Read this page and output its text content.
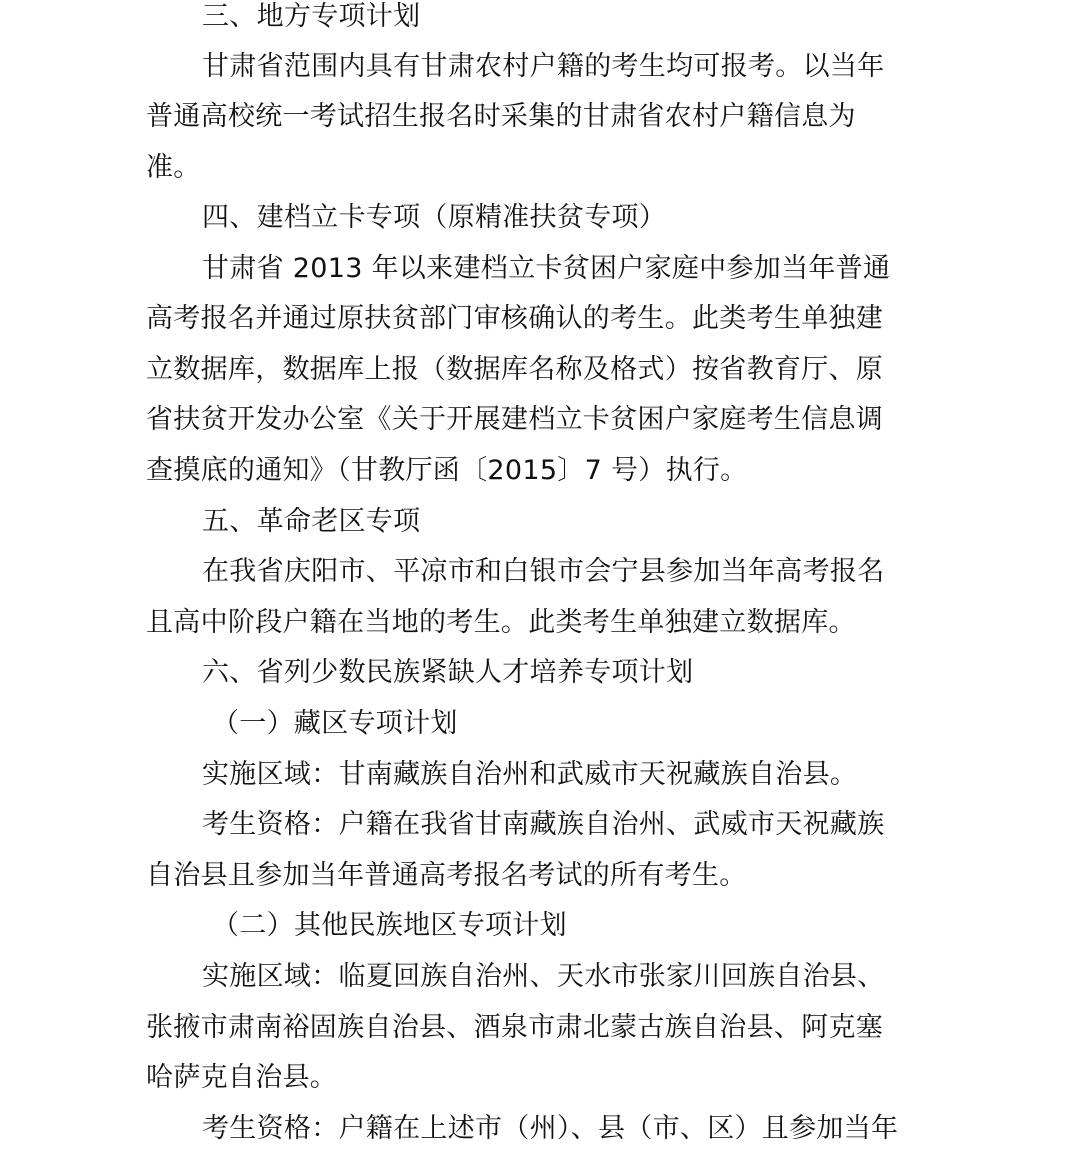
三、地方专项计划
甘肃省范围内具有甘肃农村户籍的考生均可报考。以当年
普通高校统一考试招生报名时采集的甘肃省农村户籍信息为
准。
四、建档立卡专项（原精准扶贫专项）
甘肃省 2013 年以来建档立卡贫困户家庭中参加当年普通
高考报名并通过原扶贫部门审核确认的考生。此类考生单独建
立数据库，数据库上报（数据库名称及格式）按省教育厅、原
省扶贫开发办公室《关于开展建档立卡贫困户家庭考生信息调
查摸底的通知》（甘教厅函〔2015〕7 号）执行。
五、革命老区专项
在我省庆阳市、平凉市和白银市会宁县参加当年高考报名
且高中阶段户籍在当地的考生。此类考生单独建立数据库。
六、省列少数民族紧缺人才培养专项计划
（一）藏区专项计划
实施区域：甘南藏族自治州和武威市天祝藏族自治县。
考生资格：户籍在我省甘南藏族自治州、武威市天祝藏族
自治县且参加当年普通高考报名考试的所有考生。
（二）其他民族地区专项计划
实施区域：临夏回族自治州、天水市张家川回族自治县、
张掖市肃南裕固族自治县、酒泉市肃北蒙古族自治县、阿克塞
哈萨克自治县。
考生资格：户籍在上述市（州）、县（市、区）且参加当年
